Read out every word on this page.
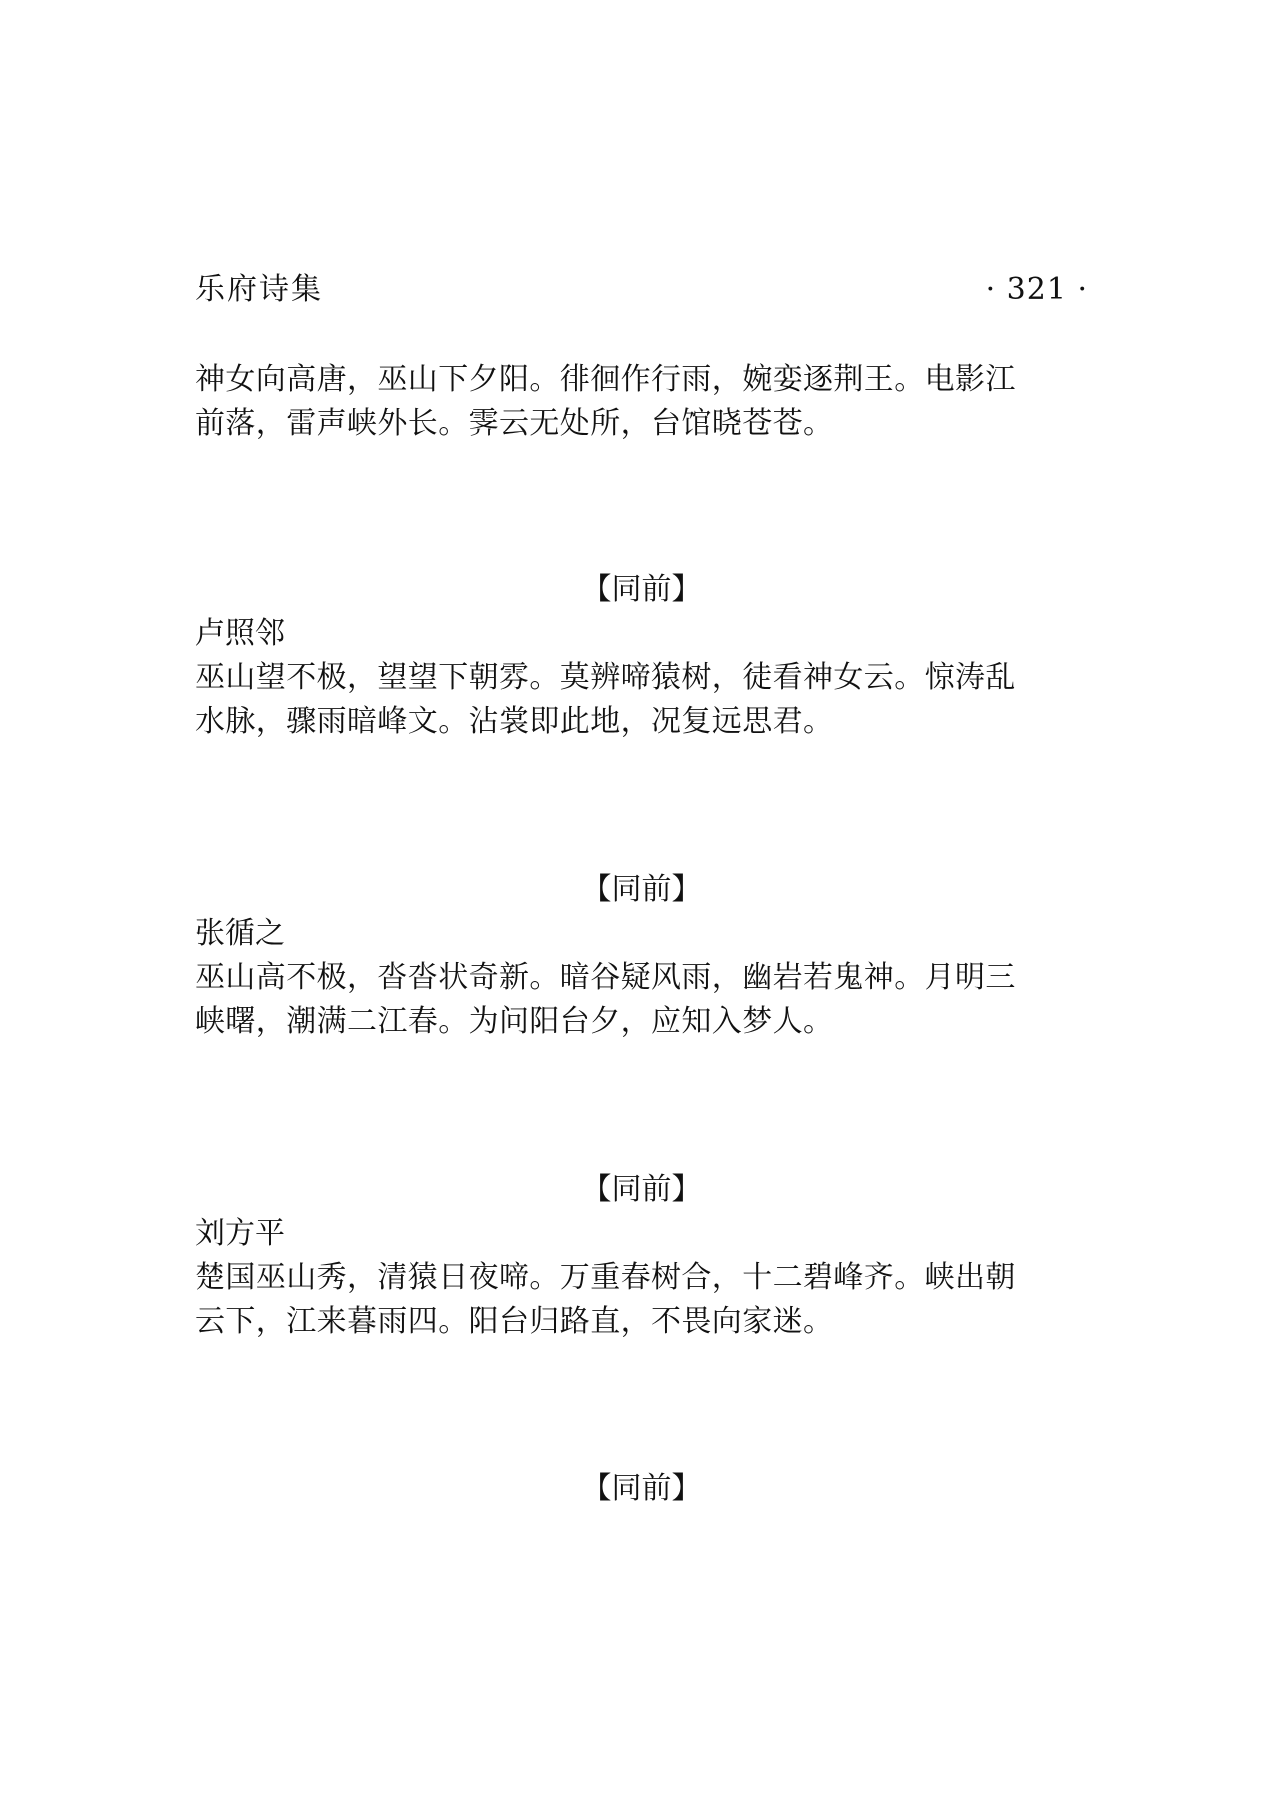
乐府诗集	· 321 ·
神女向高唐，巫山下夕阳。徘徊作行雨，婉娈逐荆王。电影江
前落，雷声峡外长。霁云无处所，台馆晓苍苍。
【同前】
卢照邻
巫山望不极，望望下朝雰。莫辨啼猿树，徒看神女云。惊涛乱
水脉，骤雨暗峰文。沾裳即此地，况复远思君。
【同前】
张循之
巫山高不极，沓沓状奇新。暗谷疑风雨，幽岩若鬼神。月明三
峡曙，潮满二江春。为问阳台夕，应知入梦人。
【同前】
刘方平
楚国巫山秀，清猿日夜啼。万重春树合，十二碧峰齐。峡出朝
云下，江来暮雨四。阳台归路直，不畏向家迷。
【同前】
